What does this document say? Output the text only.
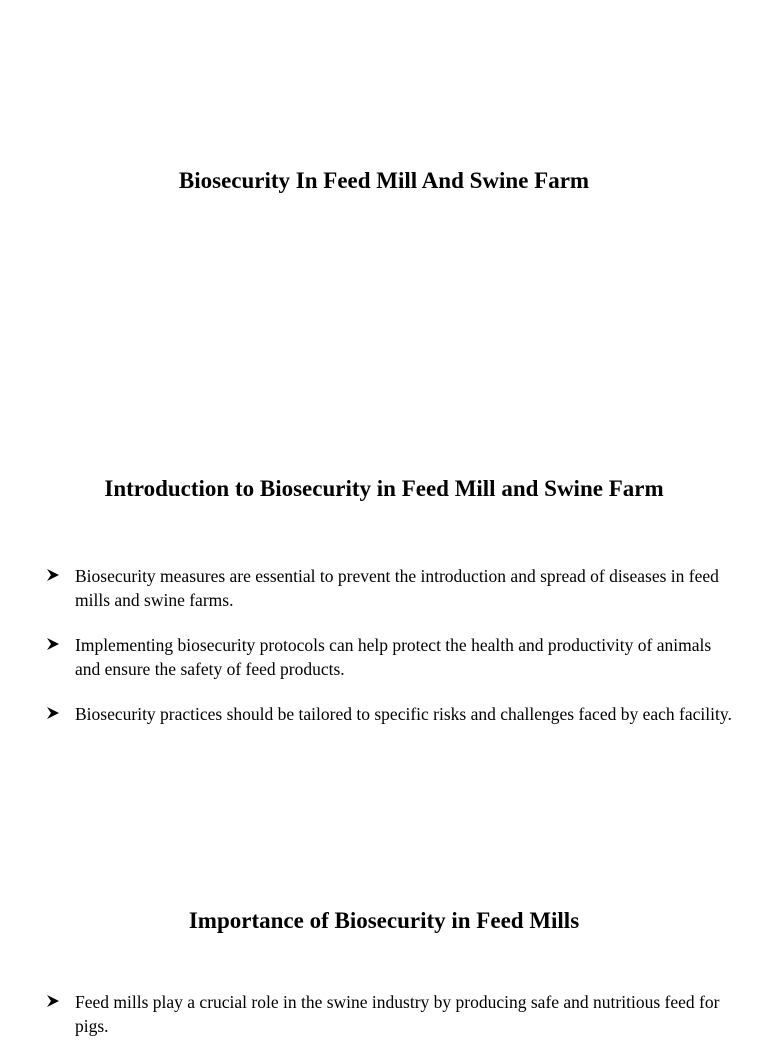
Biosecurity In Feed Mill And Swine Farm
Introduction to Biosecurity in Feed Mill and Swine Farm
Biosecurity measures are essential to prevent the introduction and spread of diseases in feed mills and swine farms.
Implementing biosecurity protocols can help protect the health and productivity of animals and ensure the safety of feed products.
Biosecurity practices should be tailored to specific risks and challenges faced by each facility.
Importance of Biosecurity in Feed Mills
Feed mills play a crucial role in the swine industry by producing safe and nutritious feed for pigs.
